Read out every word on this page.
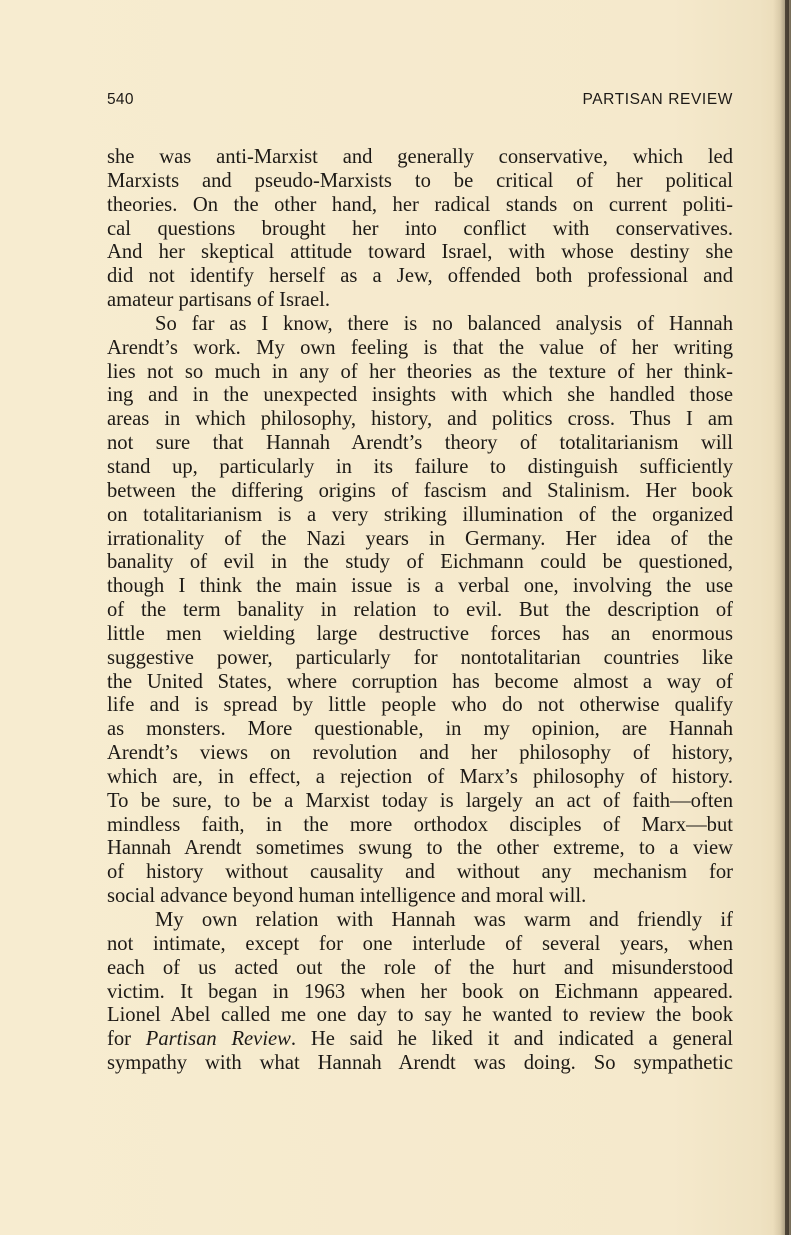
540	PARTISAN REVIEW
she was anti-Marxist and generally conservative, which led
Marxists and pseudo-Marxists to be critical of her political
theories. On the other hand, her radical stands on current politi-
cal questions brought her into conflict with conservatives.
And her skeptical attitude toward Israel, with whose destiny she
did not identify herself as a Jew, offended both professional and
amateur partisans of Israel.
So far as I know, there is no balanced analysis of Hannah
Arendt’s work. My own feeling is that the value of her writing
lies not so much in any of her theories as the texture of her think-
ing and in the unexpected insights with which she handled those
areas in which philosophy, history, and politics cross. Thus I am
not sure that Hannah Arendt’s theory of totalitarianism will
stand up, particularly in its failure to distinguish sufficiently
between the differing origins of fascism and Stalinism. Her book
on totalitarianism is a very striking illumination of the organized
irrationality of the Nazi years in Germany. Her idea of the
banality of evil in the study of Eichmann could be questioned,
though I think the main issue is a verbal one, involving the use
of the term banality in relation to evil. But the description of
little men wielding large destructive forces has an enormous
suggestive power, particularly for nontotalitarian countries like
the United States, where corruption has become almost a way of
life and is spread by little people who do not otherwise qualify
as monsters. More questionable, in my opinion, are Hannah
Arendt’s views on revolution and her philosophy of history,
which are, in effect, a rejection of Marx’s philosophy of history.
To be sure, to be a Marxist today is largely an act of faith—often
mindless faith, in the more orthodox disciples of Marx—but
Hannah Arendt sometimes swung to the other extreme, to a view
of history without causality and without any mechanism for
social advance beyond human intelligence and moral will.
My own relation with Hannah was warm and friendly if
not intimate, except for one interlude of several years, when
each of us acted out the role of the hurt and misunderstood
victim. It began in 1963 when her book on Eichmann appeared.
Lionel Abel called me one day to say he wanted to review the book
for Partisan Review. He said he liked it and indicated a general
sympathy with what Hannah Arendt was doing. So sympathetic
